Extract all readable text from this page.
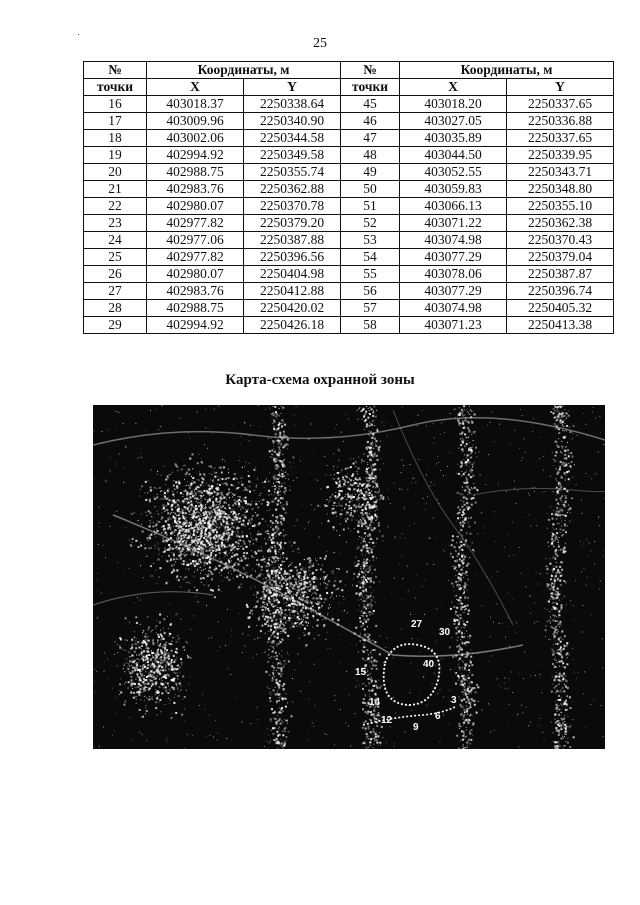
25
№	Координаты, м		№	Координаты, м	
точки	X	Y	точки	X	Y
16	403018.37	2250338.64	45	403018.20	2250337.65
17	403009.96	2250340.90	46	403027.05	2250336.88
18	403002.06	2250344.58	47	403035.89	2250337.65
19	402994.92	2250349.58	48	403044.50	2250339.95
20	402988.75	2250355.74	49	403052.55	2250343.71
21	402983.76	2250362.88	50	403059.83	2250348.80
22	402980.07	2250370.78	51	403066.13	2250355.10
23	402977.82	2250379.20	52	403071.22	2250362.38
24	402977.06	2250387.88	53	403074.98	2250370.43
25	402977.82	2250396.56	54	403077.29	2250379.04
26	402980.07	2250404.98	55	403078.06	2250387.87
27	402983.76	2250412.88	56	403077.29	2250396.74
28	402988.75	2250420.02	57	403074.98	2250405.32
29	402994.92	2250426.18	58	403071.23	2250413.38
Карта-схема охранной зоны
27
30
40
15
14
12
9
6
3
